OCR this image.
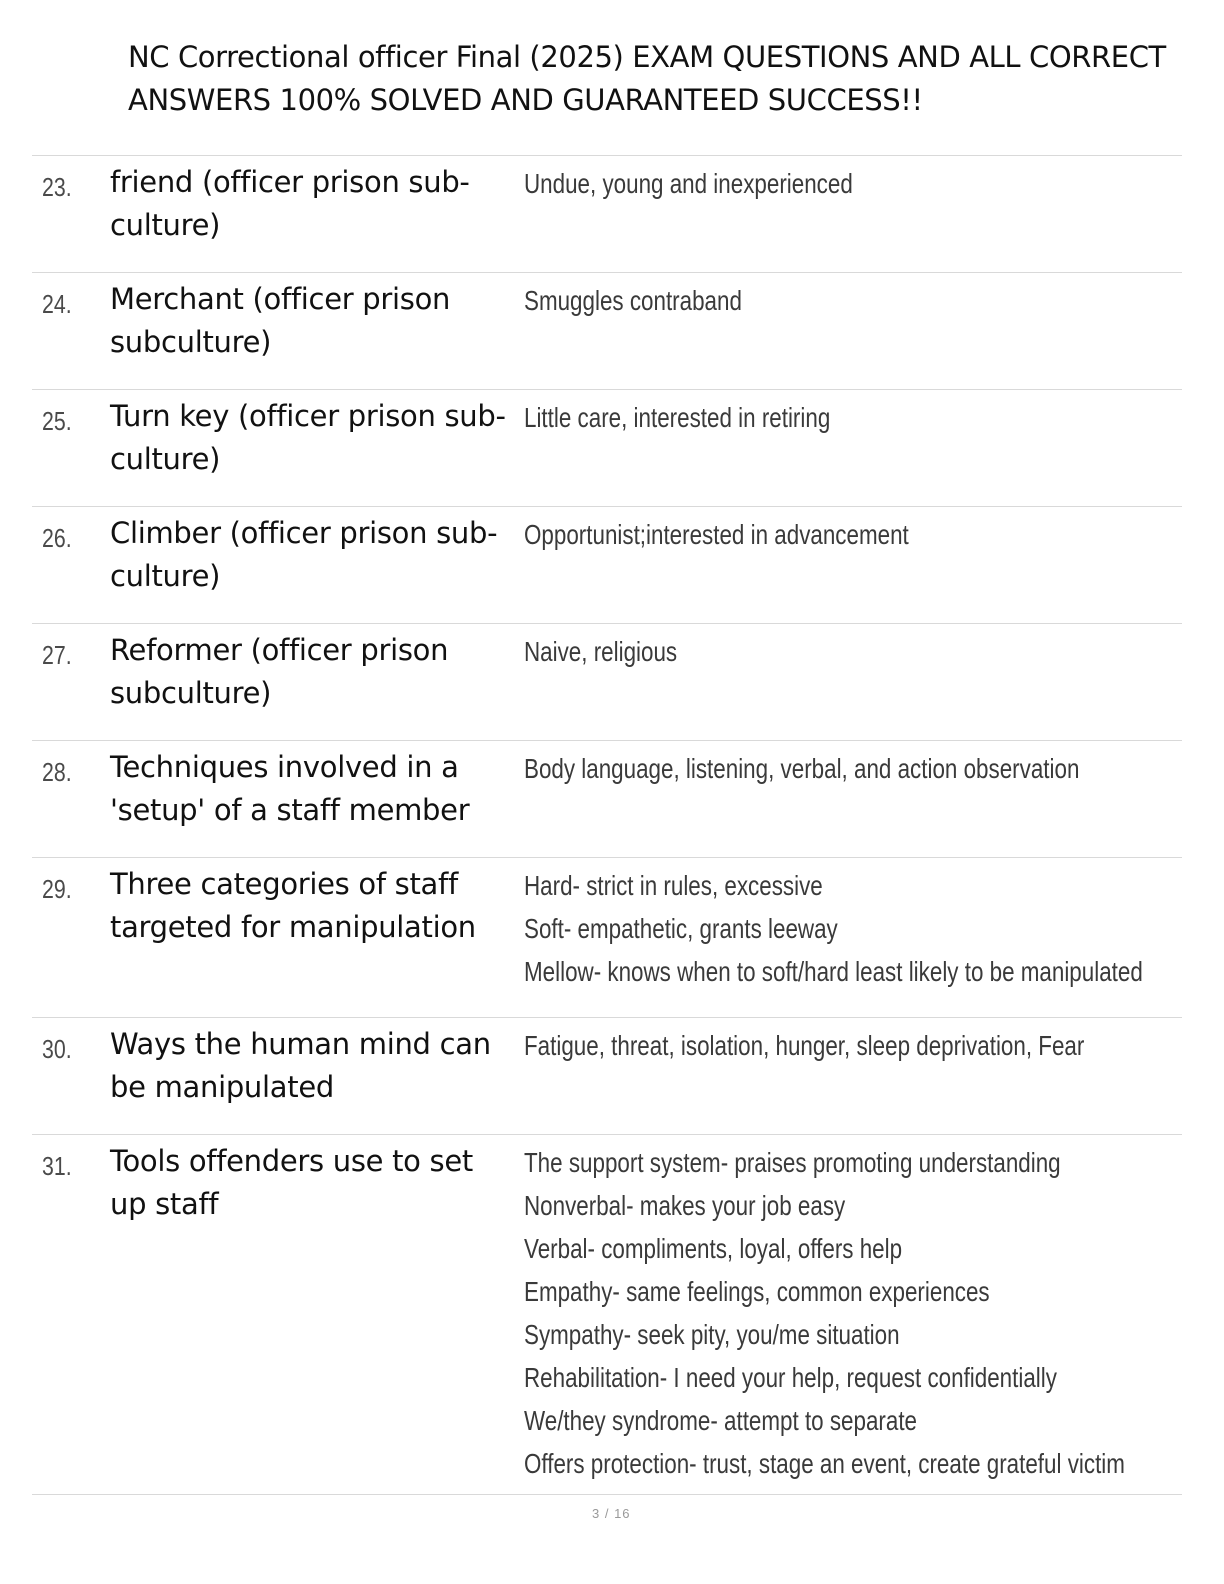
NC Correctional officer Final (2025) EXAM QUESTIONS AND ALL CORRECT ANSWERS 100% SOLVED AND GUARANTEED SUCCESS!!
23. friend (officer prison sub-
culture)
Undue, young and inexperienced
24. Merchant (officer prison
subculture)
Smuggles contraband
25. Turn key (officer prison sub-
culture)
Little care, interested in retiring
26. Climber (officer prison sub-
culture)
Opportunist;interested in advancement
27. Reformer (officer prison
subculture)
Naive, religious
28. Techniques involved in a
'setup' of a staff member
Body language, listening, verbal, and action observation
29. Three categories of staff
targeted for manipulation
Hard- strict in rules, excessive
Soft- empathetic, grants leeway
Mellow- knows when to soft/hard least likely to be manipulated
30. Ways the human mind can
be manipulated
Fatigue, threat, isolation, hunger, sleep deprivation, Fear
31. Tools offenders use to set
up staff
The support system- praises promoting understanding
Nonverbal- makes your job easy
Verbal- compliments, loyal, offers help
Empathy- same feelings, common experiences
Sympathy- seek pity, you/me situation
Rehabilitation- I need your help, request confidentially
We/they syndrome- attempt to separate
Offers protection- trust, stage an event, create grateful victim
3 / 16
